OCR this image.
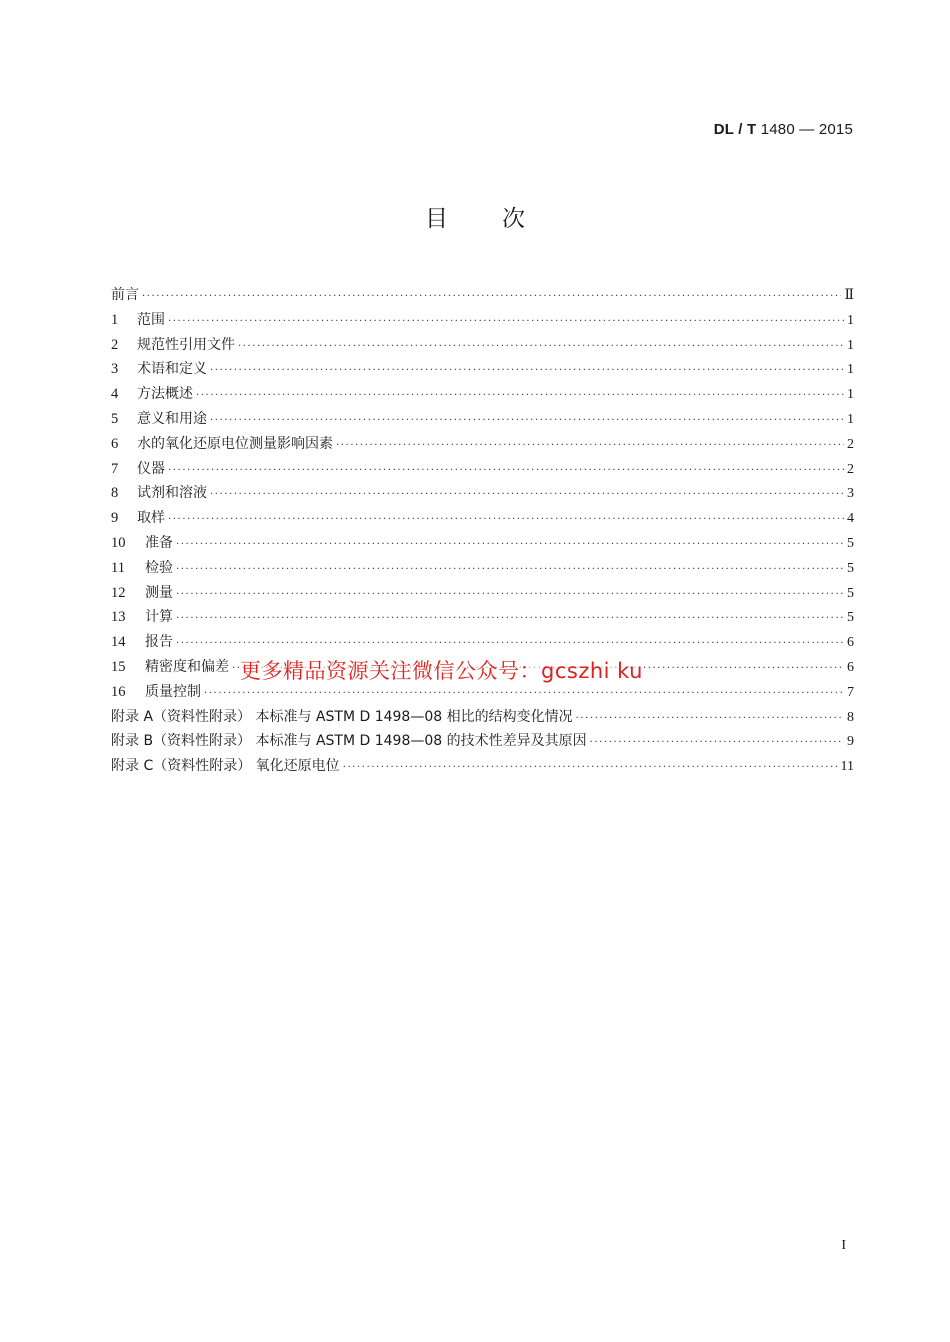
DL / T 1480 — 2015
目次
前言 ·····	Ⅱ
1	范围 ·····	1
2	规范性引用文件 ·····	1
3	术语和定义 ·····	1
4	方法概述 ·····	1
5	意义和用途 ·····	1
6	水的氧化还原电位测量影响因素 ·····	2
7	仪器 ·····	2
8	试剂和溶液 ·····	3
9	取样 ·····	4
10	准备 ·····	5
11	检验 ·····	5
12	测量 ·····	5
13	计算 ·····	5
14	报告 ·····	6
15	精密度和偏差 ·····	6
16	质量控制 ·····	7
附录 A（资料性附录） 本标准与 ASTM D 1498—08 相比的结构变化情况 ·····	8
附录 B（资料性附录） 本标准与 ASTM D 1498—08 的技术性差异及其原因 ·····	9
附录 C（资料性附录） 氧化还原电位 ·····	11
更多精品资源关注微信公众号：gcszhi ku
I
